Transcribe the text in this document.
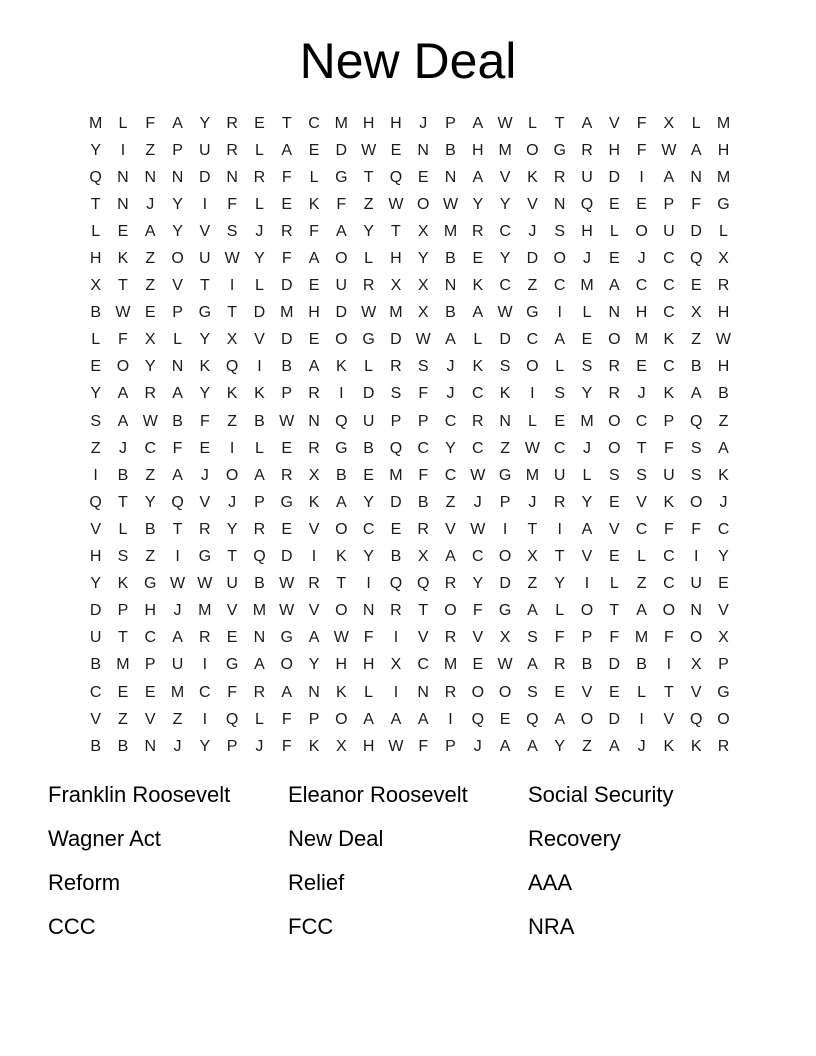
New Deal
M	L	F	A	Y	R	E	T	C M H H	J	P	A W L	T	A	V	F	X	L	M
Y	I	Z	P	U R	L	A	E	D W E	N	B	H M O G R H	F W A	H
Q N N N D N R	F	L	G	T	Q E	N	A	V	K	R U D	I	A	N M
T	N	J	Y	I	F	L	E	K	F	Z W O W Y	Y	V	N Q E	E	P	F	G
L	E	A	Y	V	S	J	R	F	A	Y	T	X M R C	J	S	H	L	O U D	L
H	K	Z	O U W Y	F	A O	L	H	Y	B	E	Y	D O	J	E	J	C Q X
X	T	Z	V	T	I	L	D	E	U R	X	X	N	K	C	Z	C M A	C C	E	R
B W E	P G	T	D M H D W M X	B	A W G	I	L	N H C	X	H
L	F	X	L	Y	X	V	D	E O G D W A	L	D C	A	E O M K	Z W
E O Y	N	K Q	I	B	A	K	L	R	S	J	K	S O	L	S	R	E	C	B	H
Y	A	R	A	Y	K	K	P	R	I	D	S	F	J	C	K	I	S	Y	R	J	K	A	B
S	A W B	F	Z	B W N Q U	P	P	C R N	L	E M O C	P Q	Z
Z	J	C	F	E	I	L	E	R G B Q C	Y	C	Z W C	J	O	T	F	S	A
I	B	Z	A	J	O A	R	X	B	E M F	C W G M U	L	S	S	U	S	K
Q	T	Y Q V	J	P G K	A	Y	D	B	Z	J	P	J	R	Y	E	V	K O	J
V	L	B	T	R	Y	R	E	V O C	E	R	V W	I	T	I	A	V	C	F	F	C
H	S	Z	I	G	T	Q D	I	K	Y	B	X	A	C O X	T	V	E	L	C	I	Y
Y	K G W W U	B W R	T	I	Q Q R	Y	D	Z	Y	I	L	Z	C U	E
D	P	H	J	M V M W V O N R	T	O	F	G A	L	O	T	A O N	V
U	T	C	A	R	E	N G A W F	I	V	R	V	X	S	F	P	F M F	O X
B M P	U	I	G A O Y	H H	X	C M E W A	R	B	D	B	I	X	P
C	E	E M C	F	R	A	N	K	L	I	N R O O S	E	V	E	L	T	V G
V	Z	V	Z	I	Q	L	F	P O A	A	A	I	Q E Q A O D	I	V Q O
B	B	N	J	Y	P	J	F	K	X	H W F	P	J	A	A	Y	Z	A	J	K	K	R
Franklin Roosevelt	Eleanor Roosevelt	Social Security
Wagner Act	New Deal	Recovery
Reform	Relief	AAA
CCC	FCC	NRA
